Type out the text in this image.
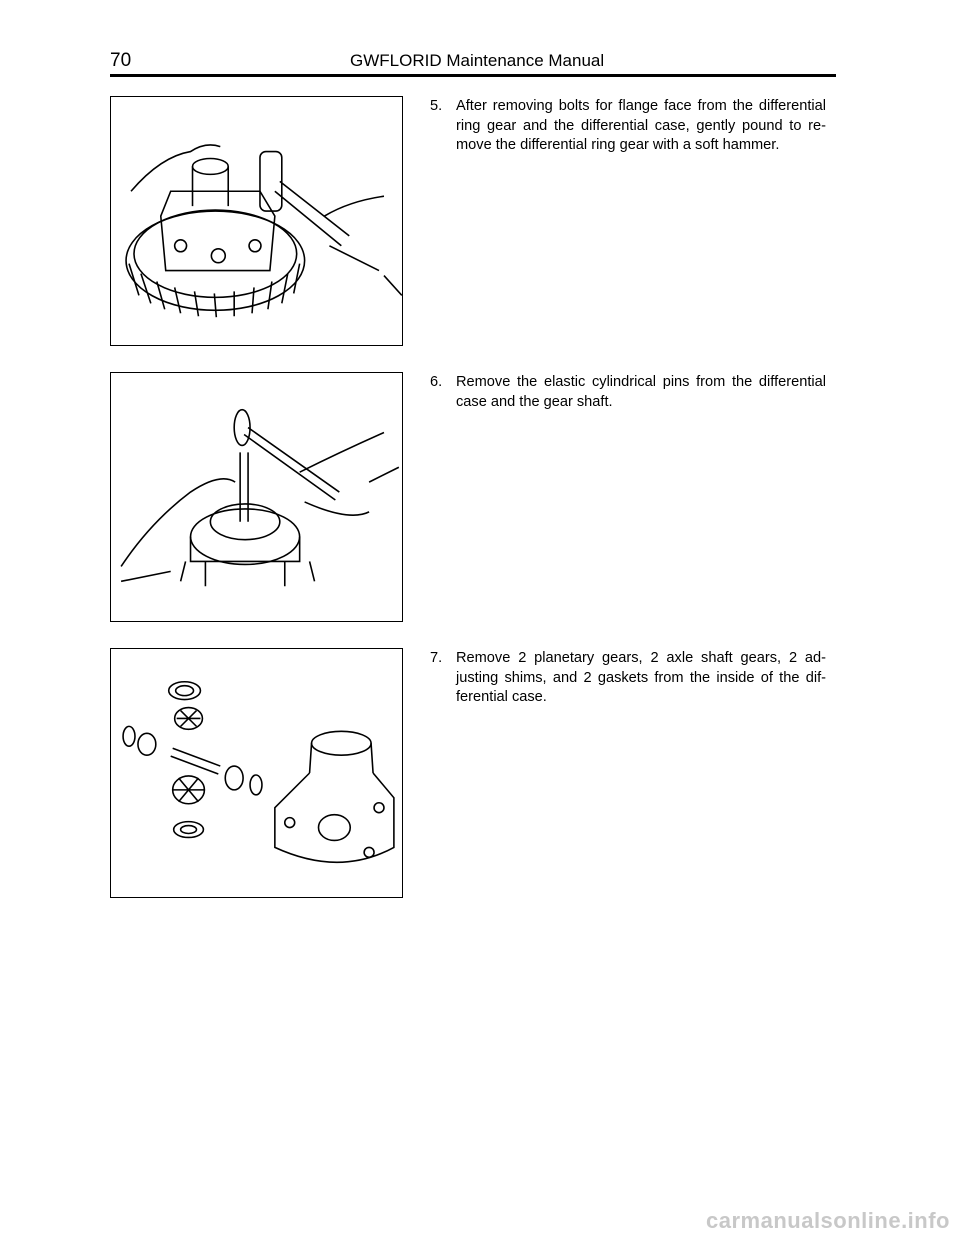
70	GWFLORID Maintenance Manual
5. After removing bolts for flange face from the differential ring gear and the differential case, gently pound to re-move the differential ring gear with a soft hammer.
6. Remove the elastic cylindrical pins from the differential case and the gear shaft.
7. Remove 2 planetary gears, 2 axle shaft gears, 2 ad-justing shims, and 2 gaskets from the inside of the dif-ferential case.
carmanualsonline.info
